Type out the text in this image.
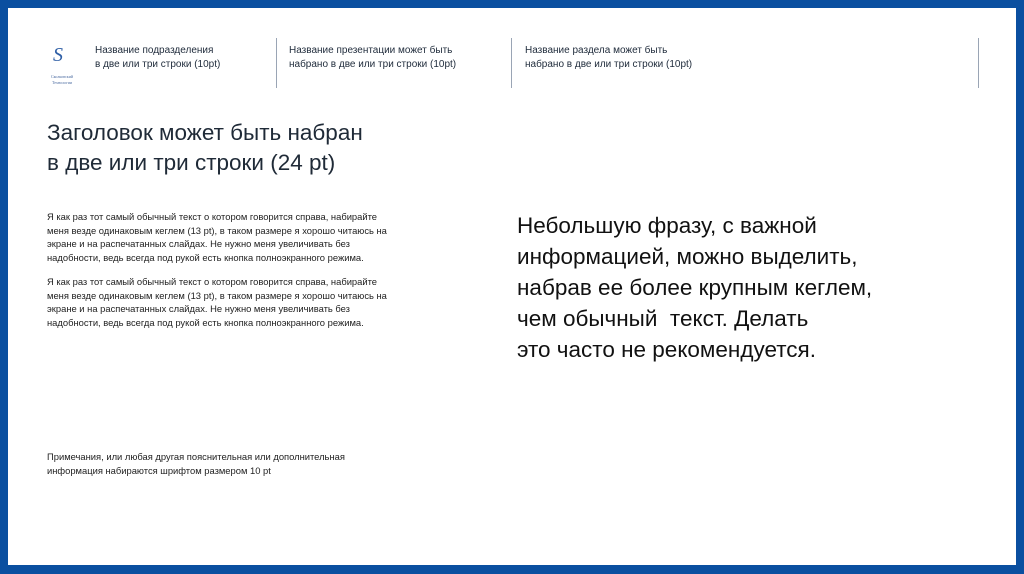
S
Сколковский
Технологии
Название подразделения
в две или три строки (10pt)
Название презентации может быть
набрано в две или три строки (10pt)
Название раздела может быть
набрано в две или три строки (10pt)
Заголовок может быть набран
в две или три строки (24 pt)
Я как раз тот самый обычный текст о котором говорится справа, набирайте
меня везде одинаковым кеглем (13 pt), в таком размере я хорошо читаюсь на
экране и на распечатанных слайдах. Не нужно меня увеличивать без
надобности, ведь всегда под рукой есть кнопка полноэкранного режима.
Я как раз тот самый обычный текст о котором говорится справа, набирайте
меня везде одинаковым кеглем (13 pt), в таком размере я хорошо читаюсь на
экране и на распечатанных слайдах. Не нужно меня увеличивать без
надобности, ведь всегда под рукой есть кнопка полноэкранного режима.
Небольшую фразу, с важной
информацией, можно выделить,
набрав ее более крупным кеглем,
чем обычный  текст. Делать
это часто не рекомендуется.
Примечания, или любая другая пояснительная или дополнительная
информация набираются шрифтом размером 10 pt
